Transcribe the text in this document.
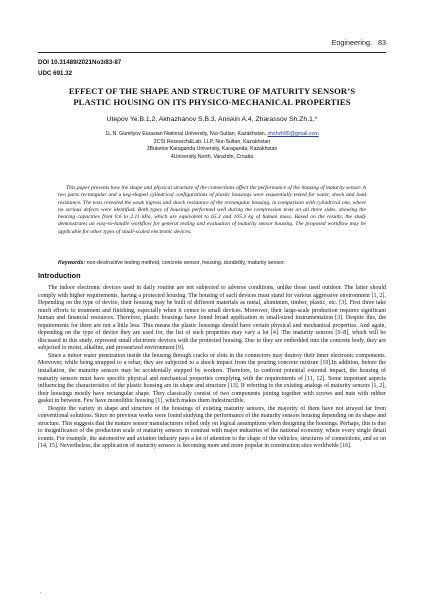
Engineering. 83
DOI 10.31489/2021No3/83-87
UDC 691.32
EFFECT OF THE SHAPE AND STRUCTURE OF MATURITY SENSOR’S
PLASTIC HOUSING ON ITS PHYSICO-MECHANICAL PROPERTIES
Utepov Ye.B.1,2, Akhazhanov S.B.3, Aniskin A.4, Zharassov Sh.Zh.1,*
1L.N. Gumilyov Eurasian National University, Nur-Sultan, Kazakhstan, zhshzh95@gmail.com
2CSI Research&Lab, LLP, Nur-Sultan, Kazakhstan
3Buketov Karaganda University, Karaganda, Kazakhstan
4University North, Varaždin, Croatia
This paper presents how the shape and physical structure of the connections affect the performance of the housing of maturity sensor. A two parts rectangular and a keg-shaped cylindrical configurations of plastic housings were sequentially tested for water, shock and load resistance. The tests revealed the weak ingress and shock resistance of the rectangular housing, in comparison with cylindrical one, where no serious defects were identified. Both types of housings performed well during the compression tests on all three sides, showing the bearing capacities from 0.6 to 2.11 kPa, which are equivalent to 65.3 and 165.3 kg of human mass. Based on the results, the study demonstrates an easy-to-handle workflow for general testing and evaluation of maturity sensor housing. The proposed workflow may be applicable for other types of small-scaled electronic devices.
Keywords: non-destructive testing method, concrete sensor, housing, durability, maturity sensor.
Introduction

The indoor electronic devices used in daily routine are not subjected to adverse conditions, unlike those used outdoor. The latter should comply with higher requirements, having a protected housing. The housing of such devices must stand for various aggressive environment [1, 2]. Depending on the type of device, their housing may be built of different materials as metal, aluminum, timber, plastic, etc. [3]. First three take much efforts to treatment and finishing, especially when it comes to small devices. Moreover, their large-scale production requires significant human and financial resources. Therefore, plastic housings have found broad application in small-sized instrumentation [3]. Despite this, the requirements for them are not a little less. This means the plastic housings should have certain physical and mechanical properties. And again, depending on the type of device they are used for, the list of such properties may vary a lot [4]. The maturity sensors [5–8], which will be discussed in this study, represent small electronic devices with the protected housing. Due to they are embedded into the concrete body, they are subjected to moist, alkaline, and pressurized environment [9].

Since a minor water penetration inside the housing through cracks or slots in the connectors may destroy their inner electronic components. Moreover, while being strapped to a rebar, they are subjected to a shock impact from the pouring concrete mixture [10].In addition, before the installation, the maturity sensors may be accidentally stepped by workers. Therefore, to confront potential external impact, the housing of maturity sensors must have specific physical and mechanical properties complying with the requirements of [11, 12]. Some important aspects influencing the characteristics of the plastic housing are its shape and structure [13]. If referring to the existing analogs of maturity sensors [1, 2], their housings mostly have rectangular shape. They classically consist of two components joining together with screws and nuts with rubber gasket in between. Few have monolithic housing [1], which makes them indestructible.

Despite the variety in shape and structure of the housings of existing maturity sensors, the majority of them have not strayed far from conventional solutions. Since no previous works were found studying the performance of the maturity sensors housing depending on its shape and structure. This suggests that the mature sensor manufacturers relied only on logical assumptions when designing the housings. Perhaps, this is due to insignificance of the production scale of maturity sensors in contrast with major industries of the national economy, where every single detail counts. For example, the automotive and aviation industry pays a lot of attention to the shape of the vehicles, structures of connections, and so on [14, 15]. Nevertheless, the application of maturity sensors is becoming more and more popular in construction sites worldwide [16].

.
